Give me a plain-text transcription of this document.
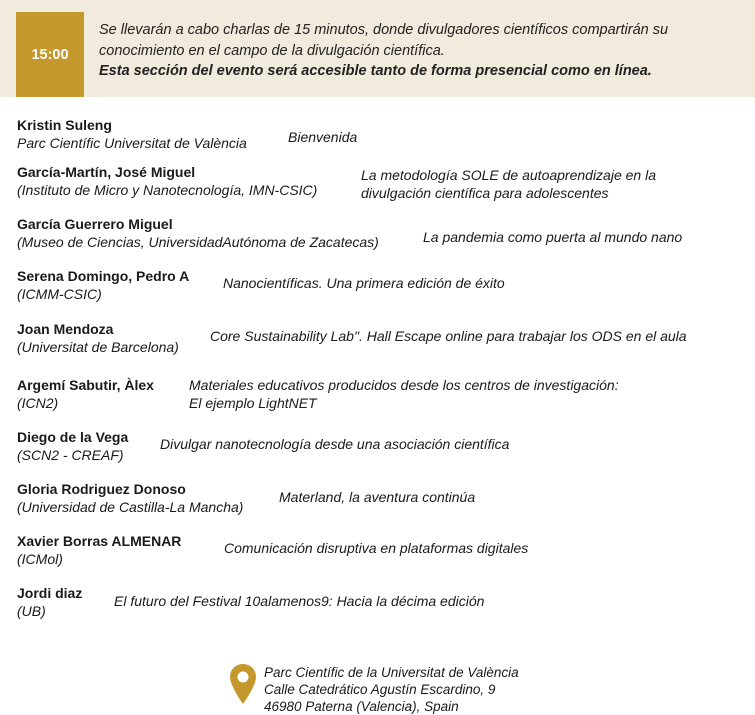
15:00
Se llevarán a cabo charlas de 15 minutos, donde divulgadores científicos compartirán su
conocimiento en el campo de la divulgación científica.
Esta sección del evento será accesible tanto de forma presencial como en línea.
Kristin Suleng
Parc Científic Universitat de València	Bienvenida
García-Martín, José Miguel
(Instituto de Micro y Nanotecnología, IMN-CSIC)
La metodología SOLE de autoaprendizaje en la
divulgación científica para adolescentes
García Guerrero Miguel
(Museo de Ciencias, UniversidadAutónoma de Zacatecas)	La pandemia como puerta al mundo nano
Serena Domingo, Pedro A
(ICMM-CSIC)
Nanocientíficas. Una primera edición de éxito
Joan Mendoza
(Universitat de Barcelona)
Core Sustainability Lab". Hall Escape online para trabajar los ODS en el aula
Argemí Sabutir, Àlex
(ICN2)
Materiales educativos producidos desde los centros de investigación:
El ejemplo LightNET
Diego de la Vega
(SCN2 - CREAF)
Divulgar nanotecnología desde una asociación científica
Gloria Rodriguez Donoso
(Universidad de Castilla-La Mancha)
Materland, la aventura continúa
Xavier Borras ALMENAR
(ICMol)
Comunicación disruptiva en plataformas digitales
Jordi diaz
(UB)
El futuro del Festival 10alamenos9: Hacia la décima edición
Parc Científic de la Universitat de València
Calle Catedrático Agustín Escardino, 9
46980 Paterna (Valencia), Spain
